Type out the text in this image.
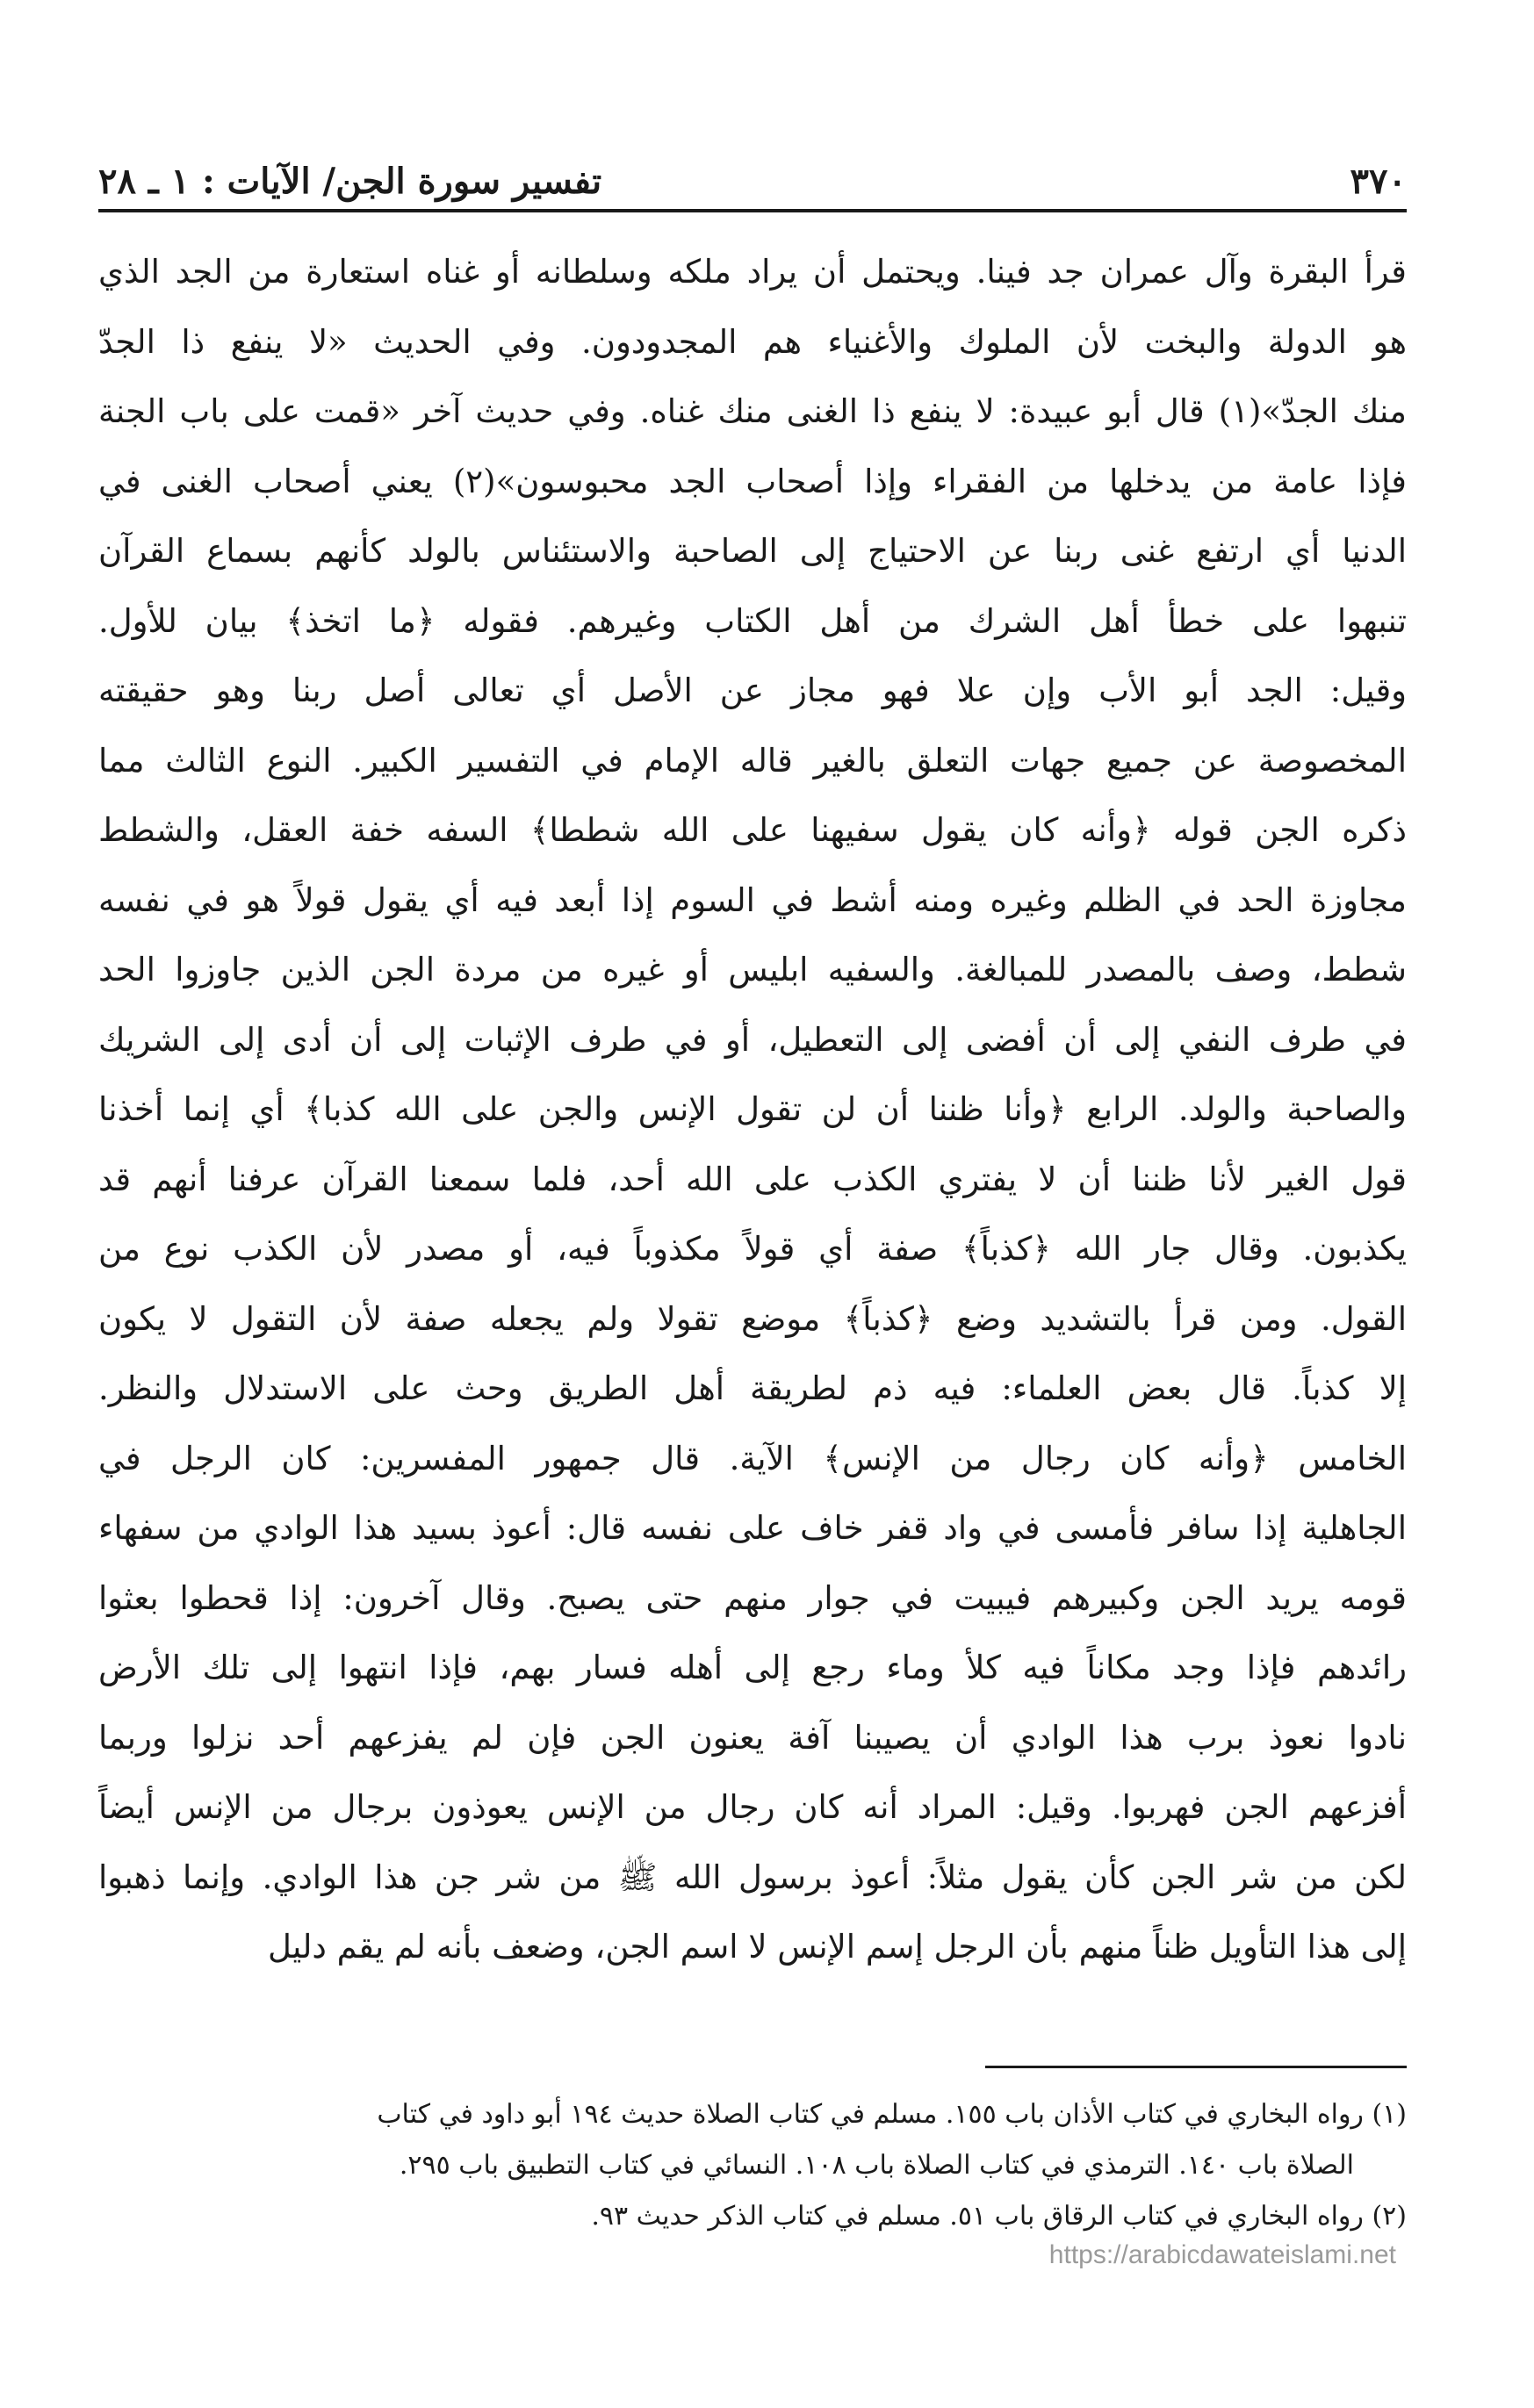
٣٧٠
تفسير سورة الجن/ الآيات : ١ ـ ٢٨
قرأ البقرة وآل عمران جد فينا. ويحتمل أن يراد ملكه وسلطانه أو غناه استعارة من الجد الذي
هو الدولة والبخت لأن الملوك والأغنياء هم المجدودون. وفي الحديث «لا ينفع ذا الجدّ
منك الجدّ»(١) قال أبو عبيدة: لا ينفع ذا الغنى منك غناه. وفي حديث آخر «قمت على باب الجنة
فإذا عامة من يدخلها من الفقراء وإذا أصحاب الجد محبوسون»(٢) يعني أصحاب الغنى في
الدنيا أي ارتفع غنى ربنا عن الاحتياج إلى الصاحبة والاستئناس بالولد كأنهم بسماع القرآن
تنبهوا على خطأ أهل الشرك من أهل الكتاب وغيرهم. فقوله ﴿ما اتخذ﴾ بيان للأول.
وقيل: الجد أبو الأب وإن علا فهو مجاز عن الأصل أي تعالى أصل ربنا وهو حقيقته
المخصوصة عن جميع جهات التعلق بالغير قاله الإمام في التفسير الكبير. النوع الثالث مما
ذكره الجن قوله ﴿وأنه كان يقول سفيهنا على الله شططا﴾ السفه خفة العقل، والشطط
مجاوزة الحد في الظلم وغيره ومنه أشط في السوم إذا أبعد فيه أي يقول قولاً هو في نفسه
شطط، وصف بالمصدر للمبالغة. والسفيه ابليس أو غيره من مردة الجن الذين جاوزوا الحد
في طرف النفي إلى أن أفضى إلى التعطيل، أو في طرف الإثبات إلى أن أدى إلى الشريك
والصاحبة والولد. الرابع ﴿وأنا ظننا أن لن تقول الإنس والجن على الله كذبا﴾ أي إنما أخذنا
قول الغير لأنا ظننا أن لا يفتري الكذب على الله أحد، فلما سمعنا القرآن عرفنا أنهم قد
يكذبون. وقال جار الله ﴿كذباً﴾ صفة أي قولاً مكذوباً فيه، أو مصدر لأن الكذب نوع من
القول. ومن قرأ بالتشديد وضع ﴿كذباً﴾ موضع تقولا ولم يجعله صفة لأن التقول لا يكون
إلا كذباً. قال بعض العلماء: فيه ذم لطريقة أهل الطريق وحث على الاستدلال والنظر.
الخامس ﴿وأنه كان رجال من الإنس﴾ الآية. قال جمهور المفسرين: كان الرجل في
الجاهلية إذا سافر فأمسى في واد قفر خاف على نفسه قال: أعوذ بسيد هذا الوادي من سفهاء
قومه يريد الجن وكبيرهم فيبيت في جوار منهم حتى يصبح. وقال آخرون: إذا قحطوا بعثوا
رائدهم فإذا وجد مكاناً فيه كلأ وماء رجع إلى أهله فسار بهم، فإذا انتهوا إلى تلك الأرض
نادوا نعوذ برب هذا الوادي أن يصيبنا آفة يعنون الجن فإن لم يفزعهم أحد نزلوا وربما
أفزعهم الجن فهربوا. وقيل: المراد أنه كان رجال من الإنس يعوذون برجال من الإنس أيضاً
لكن من شر الجن كأن يقول مثلاً: أعوذ برسول الله ﷺ من شر جن هذا الوادي. وإنما ذهبوا
إلى هذا التأويل ظناً منهم بأن الرجل إسم الإنس لا اسم الجن، وضعف بأنه لم يقم دليل
(١) رواه البخاري في كتاب الأذان باب ١٥٥. مسلم في كتاب الصلاة حديث ١٩٤ أبو داود في كتاب
الصلاة باب ١٤٠. الترمذي في كتاب الصلاة باب ١٠٨. النسائي في كتاب التطبيق باب ٢٩٥.
(٢) رواه البخاري في كتاب الرقاق باب ٥١. مسلم في كتاب الذكر حديث ٩٣.
https://arabicdawateislami.net
